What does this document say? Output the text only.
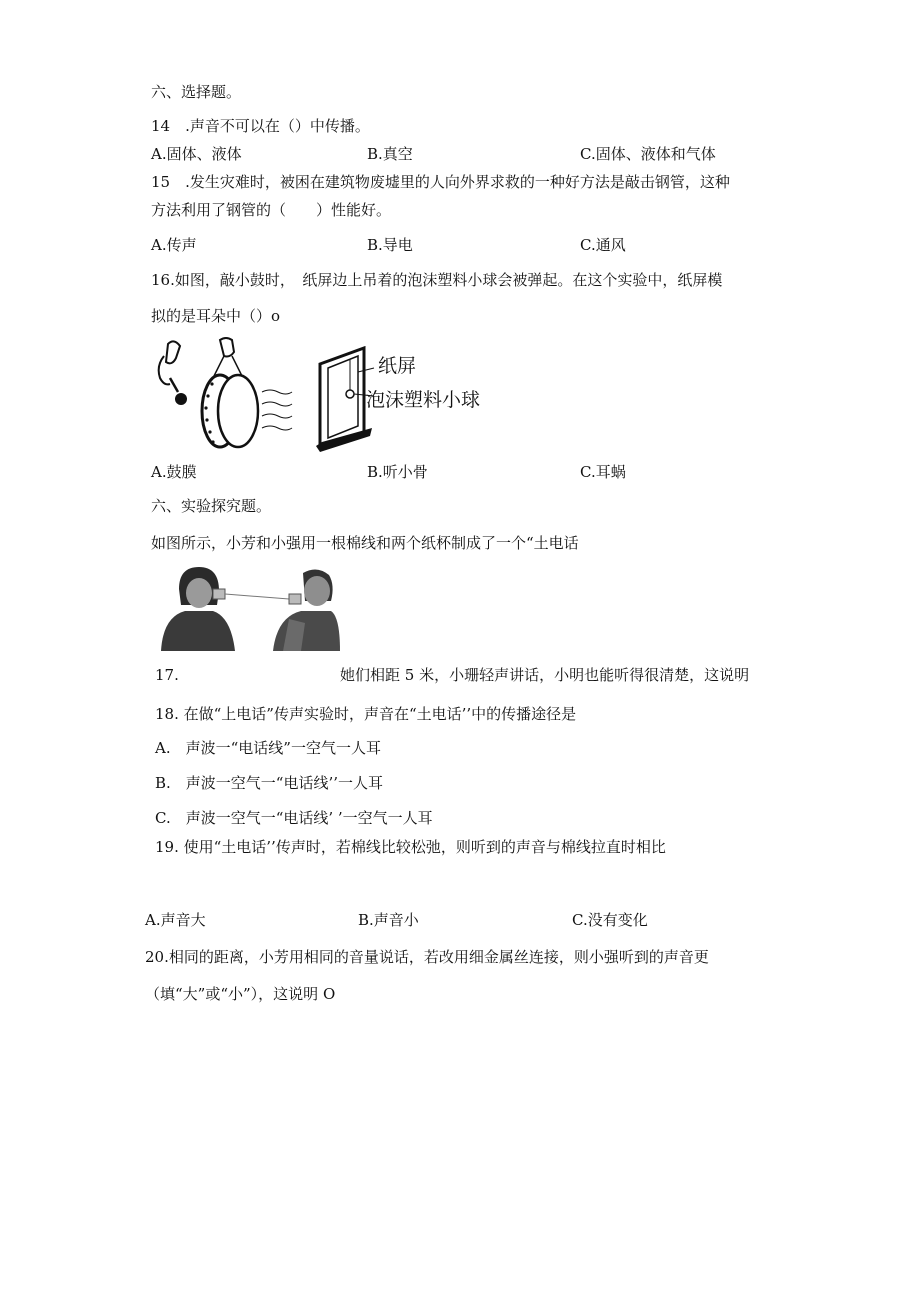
六、选择题。
14　.声音不可以在（）中传播。
A.固体、液体	B.真空	C.固体、液体和气体
15　.发生灾难时，被困在建筑物废墟里的人向外界求救的一种好方法是敲击钢管，这种
方法利用了钢管的（　　）性能好。
A.传声	B.导电	C.通风
16.如图，敲小鼓时，　纸屏边上吊着的泡沫塑料小球会被弹起。在这个实验中，纸屏模
拟的是耳朵中（）o
纸屏
泡沫塑料小球
A.鼓膜	B.听小骨	C.耳蜗
六、实验探究题。
如图所示，小芳和小强用一根棉线和两个纸杯制成了一个“土电话
17.	她们相距 5 米，小珊轻声讲话，小明也能听得很清楚，这说明
18. 在做“上电话”传声实验时，声音在“土电话’’中的传播途径是
A.　声波一“电话线”一空气一人耳
B.　声波一空气一“电话线’’一人耳
C.　声波一空气一“电话线’ ’一空气一人耳
19. 使用“土电话’’传声时，若棉线比较松弛，则听到的声音与棉线拉直时相比
A.声音大	B.声音小	C.没有变化
20.相同的距离，小芳用相同的音量说话，若改用细金属丝连接，则小强听到的声音更
（填“大”或“小”），这说明 O
